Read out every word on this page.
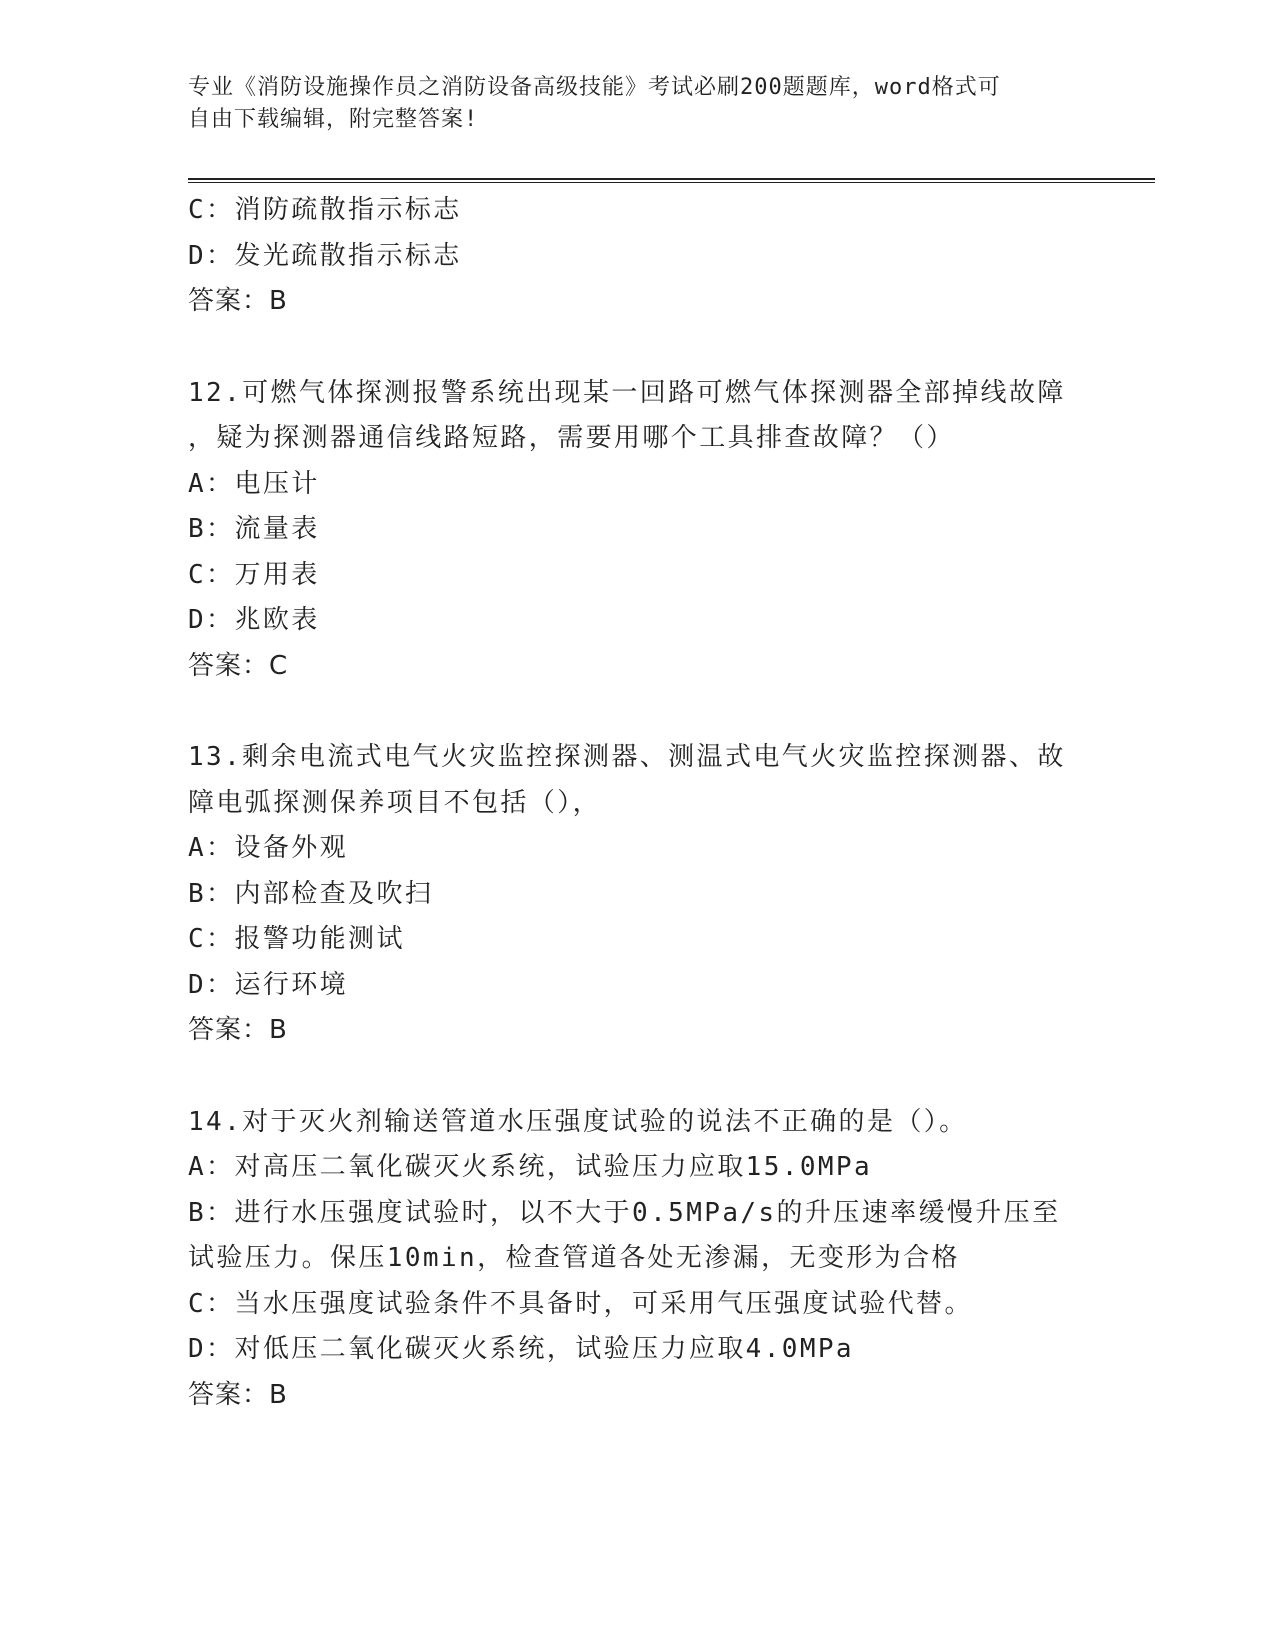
专业《消防设施操作员之消防设备高级技能》考试必刷200题题库，word格式可
自由下载编辑，附完整答案!
C：消防疏散指示标志
D：发光疏散指示标志
答案：B
12.可燃气体探测报警系统出现某一回路可燃气体探测器全部掉线故障
，疑为探测器通信线路短路，需要用哪个工具排查故障？（）
A：电压计
B：流量表
C：万用表
D：兆欧表
答案：C
13.剩余电流式电气火灾监控探测器、测温式电气火灾监控探测器、故
障电弧探测保养项目不包括（），
A：设备外观
B：内部检查及吹扫
C：报警功能测试
D：运行环境
答案：B
14.对于灭火剂输送管道水压强度试验的说法不正确的是（）。
A：对高压二氧化碳灭火系统，试验压力应取15.0MPa
B：进行水压强度试验时，以不大于0.5MPa/s的升压速率缓慢升压至
试验压力。保压10min，检查管道各处无渗漏，无变形为合格
C：当水压强度试验条件不具备时，可采用气压强度试验代替。
D：对低压二氧化碳灭火系统，试验压力应取4.0MPa
答案：B
